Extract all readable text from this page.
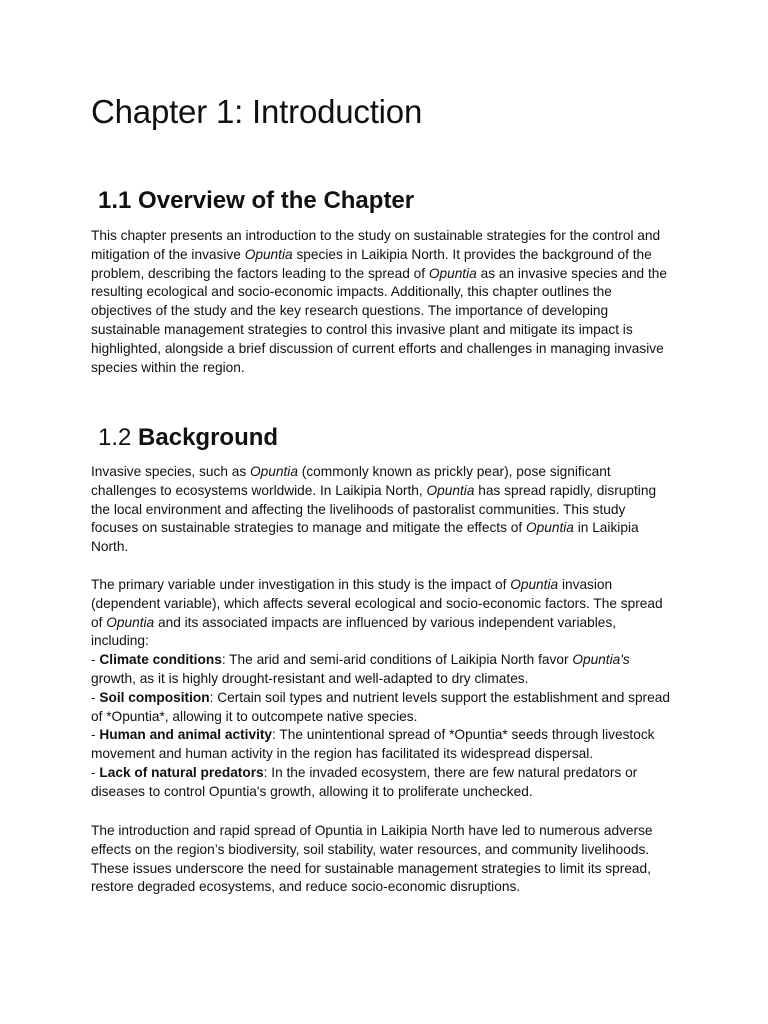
Chapter 1: Introduction
1.1 Overview of the Chapter
This chapter presents an introduction to the study on sustainable strategies for the control and
mitigation of the invasive Opuntia species in Laikipia North. It provides the background of the
problem, describing the factors leading to the spread of Opuntia as an invasive species and the
resulting ecological and socio-economic impacts. Additionally, this chapter outlines the
objectives of the study and the key research questions. The importance of developing
sustainable management strategies to control this invasive plant and mitigate its impact is
highlighted, alongside a brief discussion of current efforts and challenges in managing invasive
species within the region.
1.2 Background
Invasive species, such as Opuntia (commonly known as prickly pear), pose significant
challenges to ecosystems worldwide. In Laikipia North, Opuntia has spread rapidly, disrupting
the local environment and affecting the livelihoods of pastoralist communities. This study
focuses on sustainable strategies to manage and mitigate the effects of Opuntia in Laikipia
North.
The primary variable under investigation in this study is the impact of Opuntia invasion
(dependent variable), which affects several ecological and socio-economic factors. The spread
of Opuntia and its associated impacts are influenced by various independent variables,
including:
- Climate conditions: The arid and semi-arid conditions of Laikipia North favor Opuntia's
growth, as it is highly drought-resistant and well-adapted to dry climates.
- Soil composition: Certain soil types and nutrient levels support the establishment and spread
of *Opuntia*, allowing it to outcompete native species.
- Human and animal activity: The unintentional spread of *Opuntia* seeds through livestock
movement and human activity in the region has facilitated its widespread dispersal.
- Lack of natural predators: In the invaded ecosystem, there are few natural predators or
diseases to control Opuntia's growth, allowing it to proliferate unchecked.
The introduction and rapid spread of Opuntia in Laikipia North have led to numerous adverse
effects on the region’s biodiversity, soil stability, water resources, and community livelihoods.
These issues underscore the need for sustainable management strategies to limit its spread,
restore degraded ecosystems, and reduce socio-economic disruptions.
